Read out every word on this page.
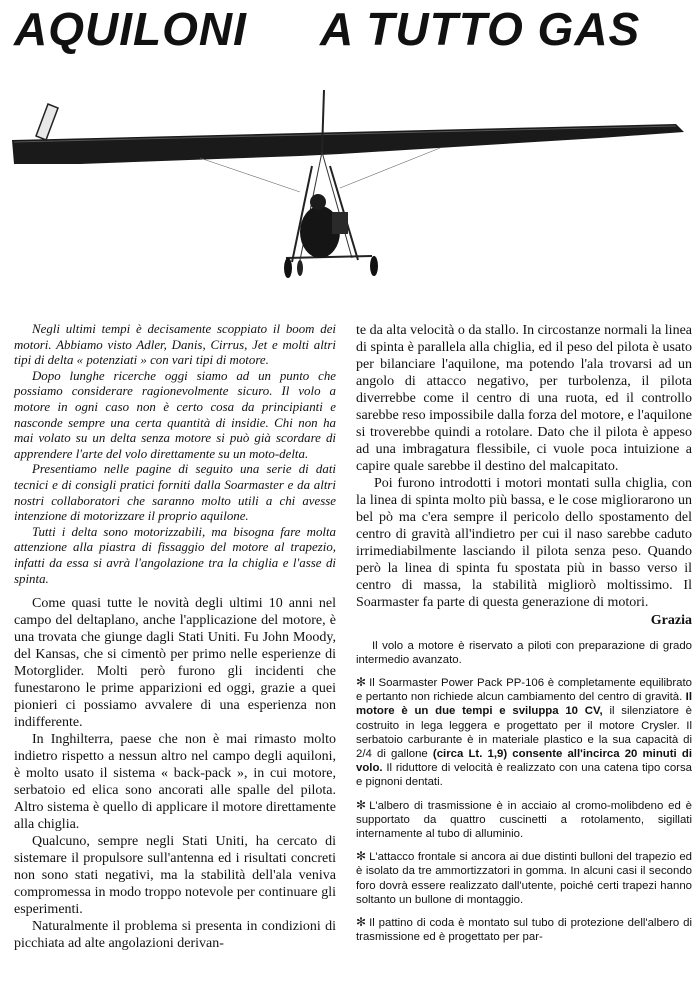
AQUILONI A TUTTO GAS

Negli ultimi tempi è decisamente scoppiato il boom dei motori. Abbiamo visto Adler, Danis, Cirrus, Jet e molti altri tipi di delta « potenziati » con vari tipi di motore.

Dopo lunghe ricerche oggi siamo ad un punto che possiamo considerare ragionevolmente sicuro. Il volo a motore in ogni caso non è certo cosa da principianti e nasconde sempre una certa quantità di insidie. Chi non ha mai volato su un delta senza motore si può già scordare di apprendere l'arte del volo direttamente su un moto-delta.

Presentiamo nelle pagine di seguito una serie di dati tecnici e di consigli pratici forniti dalla Soarmaster e da altri nostri collaboratori che saranno molto utili a chi avesse intenzione di motorizzare il proprio aquilone.

Tutti i delta sono motorizzabili, ma bisogna fare molta attenzione alla piastra di fissaggio del motore al trapezio, infatti da essa si avrà l'angolazione tra la chiglia e l'asse di spinta.

Come quasi tutte le novità degli ultimi 10 anni nel campo del deltaplano, anche l'applicazione del motore, è una trovata che giunge dagli Stati Uniti. Fu John Moody, del Kansas, che si cimentò per primo nelle esperienze di Motorglider. Molti però furono gli incidenti che funestarono le prime apparizioni ed oggi, grazie a quei pionieri ci possiamo avvalere di una esperienza non indifferente.

In Inghilterra, paese che non è mai rimasto molto indietro rispetto a nessun altro nel campo degli aquiloni, è molto usato il sistema « back-pack », in cui motore, serbatoio ed elica sono ancorati alle spalle del pilota. Altro sistema è quello di applicare il motore direttamente alla chiglia.

Qualcuno, sempre negli Stati Uniti, ha cercato di sistemare il propulsore sull'antenna ed i risultati concreti non sono stati negativi, ma la stabilità dell'ala veniva compromessa in modo troppo notevole per continuare gli esperimenti.

Naturalmente il problema si presenta in condizioni di picchiata ad alte angolazioni derivan-

te da alta velocità o da stallo. In circostanze normali la linea di spinta è parallela alla chiglia, ed il peso del pilota è usato per bilanciare l'aquilone, ma potendo l'ala trovarsi ad un angolo di attacco negativo, per turbolenza, il pilota diverrebbe come il centro di una ruota, ed il controllo sarebbe reso impossibile dalla forza del motore, e l'aquilone si troverebbe quindi a rotolare. Dato che il pilota è appeso ad una imbragatura flessibile, ci vuole poca intuizione a capire quale sarebbe il destino del malcapitato.

Poi furono introdotti i motori montati sulla chiglia, con la linea di spinta molto più bassa, e le cose migliorarono un bel pò ma c'era sempre il pericolo dello spostamento del centro di gravità all'indietro per cui il naso sarebbe caduto irrimediabilmente lasciando il pilota senza peso. Quando però la linea di spinta fu spostata più in basso verso il centro di massa, la stabilità migliorò moltissimo. Il Soarmaster fa parte di questa generazione di motori.

Grazia

Il volo a motore è riservato a piloti con preparazione di grado intermedio avanzato.

✻ Il Soarmaster Power Pack PP-106 è completamente equilibrato e pertanto non richiede alcun cambiamento del centro di gravità. Il motore è un due tempi e sviluppa 10 CV, il silenziatore è costruito in lega leggera e progettato per il motore Crysler. Il serbatoio carburante è in materiale plastico e la sua capacità di 2/4 di gallone (circa Lt. 1,9) consente all'incirca 20 minuti di volo. Il riduttore di velocità è realizzato con una catena tipo corsa e pignoni dentati.

✻ L'albero di trasmissione è in acciaio al cromo-molibdeno ed è supportato da quattro cuscinetti a rotolamento, sigillati internamente al tubo di alluminio.

✻ L'attacco frontale si ancora ai due distinti bulloni del trapezio ed è isolato da tre ammortizzatori in gomma. In alcuni casi il secondo foro dovrà essere realizzato dall'utente, poiché certi trapezi hanno soltanto un bullone di montaggio.

✻ Il pattino di coda è montato sul tubo di protezione dell'albero di trasmissione ed è progettato per par-
